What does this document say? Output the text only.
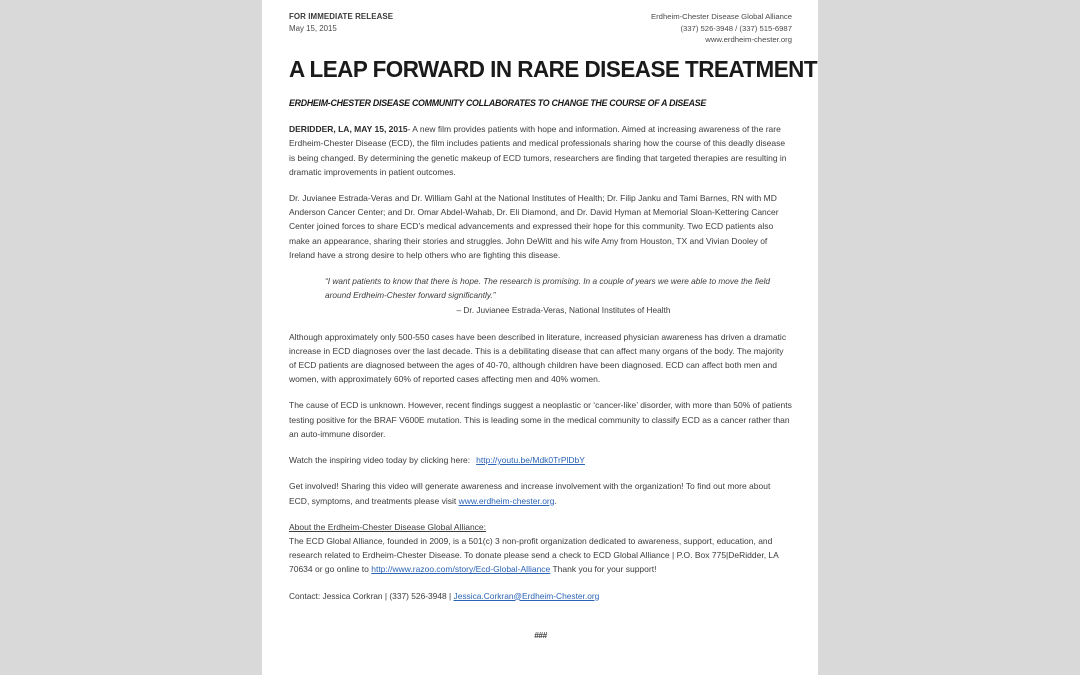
FOR IMMEDIATE RELEASE
May 15, 2015
Erdheim-Chester Disease Global Alliance
(337) 526-3948 / (337) 515-6987
www.erdheim-chester.org
A LEAP FORWARD IN RARE DISEASE TREATMENT
ERDHEIM-CHESTER DISEASE COMMUNITY COLLABORATES TO CHANGE THE COURSE OF A DISEASE

DERIDDER, LA, MAY 15, 2015- A new film provides patients with hope and information. Aimed at increasing awareness of the rare Erdheim-Chester Disease (ECD), the film includes patients and medical professionals sharing how the course of this deadly disease is being changed. By determining the genetic makeup of ECD tumors, researchers are finding that targeted therapies are resulting in dramatic improvements in patient outcomes.

Dr. Juvianee Estrada-Veras and Dr. William Gahl at the National Institutes of Health; Dr. Filip Janku and Tami Barnes, RN with MD Anderson Cancer Center; and Dr. Omar Abdel-Wahab, Dr. Eli Diamond, and Dr. David Hyman at Memorial Sloan-Kettering Cancer Center joined forces to share ECD’s medical advancements and expressed their hope for this community. Two ECD patients also make an appearance, sharing their stories and struggles. John DeWitt and his wife Amy from Houston, TX and Vivian Dooley of Ireland have a strong desire to help others who are fighting this disease.

“I want patients to know that there is hope. The research is promising. In a couple of years we were able to move the field around Erdheim-Chester forward significantly.”
– Dr. Juvianee Estrada-Veras, National Institutes of Health

Although approximately only 500-550 cases have been described in literature, increased physician awareness has driven a dramatic increase in ECD diagnoses over the last decade. This is a debilitating disease that can affect many organs of the body. The majority of ECD patients are diagnosed between the ages of 40-70, although children have been diagnosed. ECD can affect both men and women, with approximately 60% of reported cases affecting men and 40% women.

The cause of ECD is unknown. However, recent findings suggest a neoplastic or ‘cancer-like’ disorder, with more than 50% of patients testing positive for the BRAF V600E mutation. This is leading some in the medical community to classify ECD as a cancer rather than an auto-immune disorder.

Watch the inspiring video today by clicking here: http://youtu.be/Mdk0TrPlDbY

Get involved! Sharing this video will generate awareness and increase involvement with the organization! To find out more about ECD, symptoms, and treatments please visit www.erdheim-chester.org.

About the Erdheim-Chester Disease Global Alliance:

The ECD Global Alliance, founded in 2009, is a 501(c) 3 non-profit organization dedicated to awareness, support, education, and research related to Erdheim-Chester Disease. To donate please send a check to ECD Global Alliance | P.O. Box 775|DeRidder, LA 70634 or go online to http://www.razoo.com/story/Ecd-Global-Alliance Thank you for your support!

Contact: Jessica Corkran | (337) 526-3948 | Jessica.Corkran@Erdheim-Chester.org

###
